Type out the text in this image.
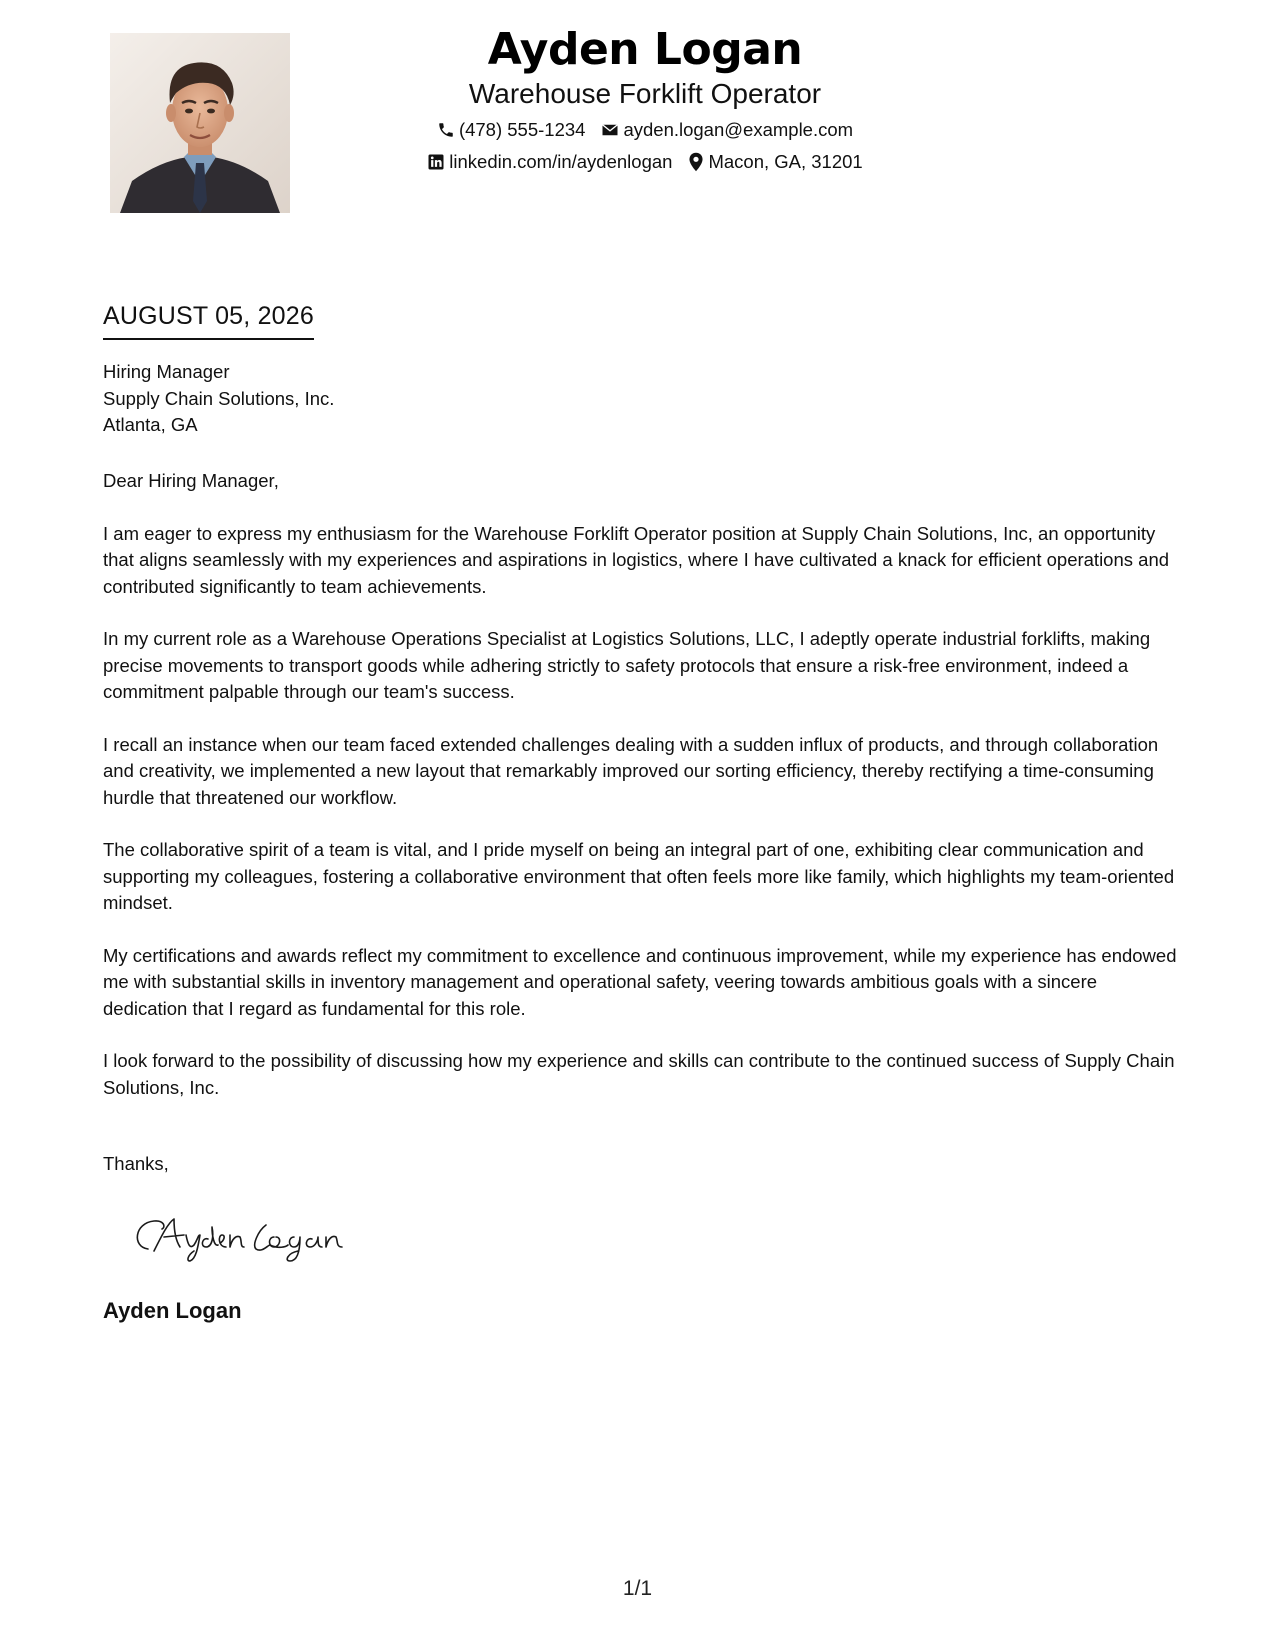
Ayden Logan
Warehouse Forklift Operator
(478) 555-1234 ayden.logan@example.com
linkedin.com/in/aydenlogan Macon, GA, 31201
AUGUST 05, 2026
Hiring Manager
Supply Chain Solutions, Inc.
Atlanta, GA

Dear Hiring Manager,

I am eager to express my enthusiasm for the Warehouse Forklift Operator position at Supply Chain Solutions, Inc, an opportunity that aligns seamlessly with my experiences and aspirations in logistics, where I have cultivated a knack for efficient operations and contributed significantly to team achievements.

In my current role as a Warehouse Operations Specialist at Logistics Solutions, LLC, I adeptly operate industrial forklifts, making precise movements to transport goods while adhering strictly to safety protocols that ensure a risk-free environment, indeed a commitment palpable through our team's success.

I recall an instance when our team faced extended challenges dealing with a sudden influx of products, and through collaboration and creativity, we implemented a new layout that remarkably improved our sorting efficiency, thereby rectifying a time-consuming hurdle that threatened our workflow.

The collaborative spirit of a team is vital, and I pride myself on being an integral part of one, exhibiting clear communication and supporting my colleagues, fostering a collaborative environment that often feels more like family, which highlights my team-oriented mindset.

My certifications and awards reflect my commitment to excellence and continuous improvement, while my experience has endowed me with substantial skills in inventory management and operational safety, veering towards ambitious goals with a sincere dedication that I regard as fundamental for this role.

I look forward to the possibility of discussing how my experience and skills can contribute to the continued success of Supply Chain Solutions, Inc.

Thanks,
Ayden Logan
1/1
